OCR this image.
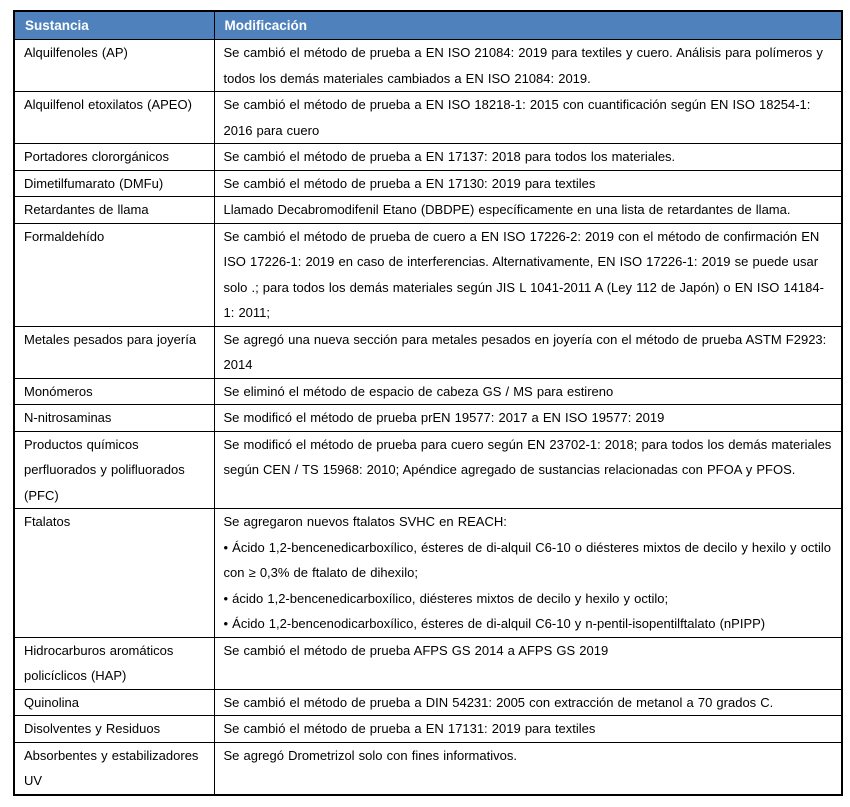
Sustancia	Modificación
Alquilfenoles (AP)	Se cambió el método de prueba a EN ISO 21084: 2019 para textiles y cuero. Análisis para polímeros y todos los demás materiales cambiados a EN ISO 21084: 2019.

Alquilfenol etoxilatos (APEO)	Se cambió el método de prueba a EN ISO 18218-1: 2015 con cuantificación según EN ISO 18254-1: 2016 para cuero

Portadores clororgánicos	Se cambió el método de prueba a EN 17137: 2018 para todos los materiales.

Dimetilfumarato (DMFu)	Se cambió el método de prueba a EN 17130: 2019 para textiles

Retardantes de llama	Llamado Decabromodifenil Etano (DBDPE) específicamente en una lista de retardantes de llama.

Formaldehído	Se cambió el método de prueba de cuero a EN ISO 17226-2: 2019 con el método de confirmación EN ISO 17226-1: 2019 en caso de interferencias. Alternativamente, EN ISO 17226-1: 2019 se puede usar solo .; para todos los demás materiales según JIS L 1041-2011 A (Ley 112 de Japón) o EN ISO 14184-1: 2011;

Metales pesados para joyería	Se agregó una nueva sección para metales pesados en joyería con el método de prueba ASTM F2923: 2014

Monómeros	Se eliminó el método de espacio de cabeza GS / MS para estireno

N-nitrosaminas	Se modificó el método de prueba prEN 19577: 2017 a EN ISO 19577: 2019

Productos químicos perfluorados y polifluorados (PFC)	Se modificó el método de prueba para cuero según EN 23702-1: 2018; para todos los demás materiales según CEN / TS 15968: 2010; Apéndice agregado de sustancias relacionadas con PFOA y PFOS.

Ftalatos	Se agregaron nuevos ftalatos SVHC en REACH:
• Ácido 1,2-bencenedicarboxílico, ésteres de di-alquil C6-10 o diésteres mixtos de decilo y hexilo y octilo con ≥ 0,3% de ftalato de dihexilo;
• ácido 1,2-bencenedicarboxílico, diésteres mixtos de decilo y hexilo y octilo;
• Ácido 1,2-bencenodicarboxílico, ésteres de di-alquil C6-10 y n-pentil-isopentilftalato (nPIPP)

Hidrocarburos aromáticos policíclicos (HAP)	Se cambió el método de prueba AFPS GS 2014 a AFPS GS 2019

Quinolina	Se cambió el método de prueba a DIN 54231: 2005 con extracción de metanol a 70 grados C.

Disolventes y Residuos	Se cambió el método de prueba a EN 17131: 2019 para textiles

Absorbentes y estabilizadores UV	Se agregó Drometrizol solo con fines informativos.
